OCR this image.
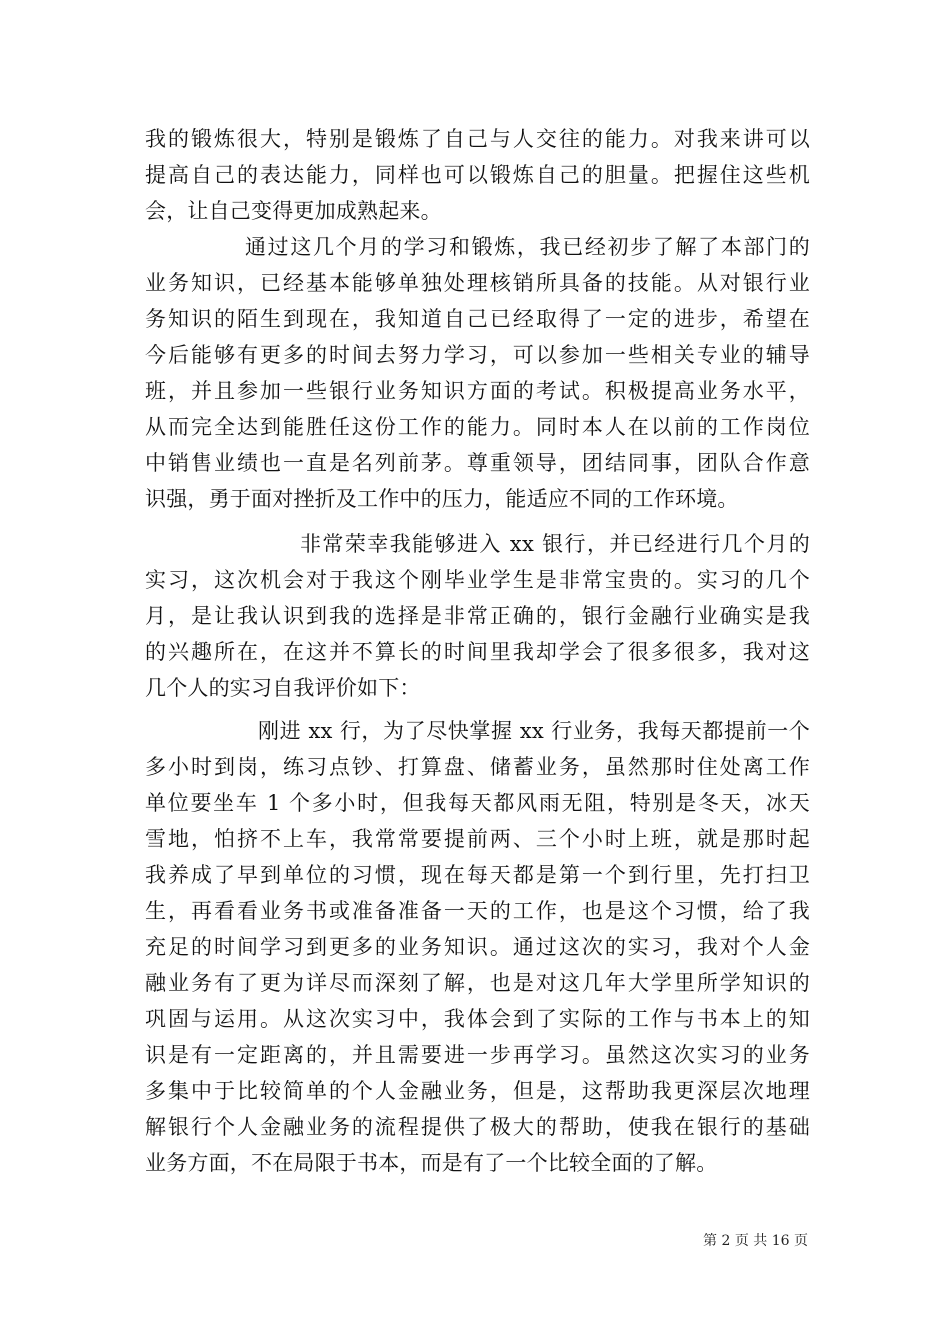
我的锻炼很大，特别是锻炼了自己与人交往的能力。对我来讲可以
提高自己的表达能力，同样也可以锻炼自己的胆量。把握住这些机
会，让自己变得更加成熟起来。
通过这几个月的学习和锻炼，我已经初步了解了本部门的
业务知识，已经基本能够单独处理核销所具备的技能。从对银行业
务知识的陌生到现在，我知道自己已经取得了一定的进步，希望在
今后能够有更多的时间去努力学习，可以参加一些相关专业的辅导
班，并且参加一些银行业务知识方面的考试。积极提高业务水平，
从而完全达到能胜任这份工作的能力。同时本人在以前的工作岗位
中销售业绩也一直是名列前茅。尊重领导，团结同事，团队合作意
识强，勇于面对挫折及工作中的压力，能适应不同的工作环境。
非常荣幸我能够进入 xx 银行，并已经进行几个月的
实习，这次机会对于我这个刚毕业学生是非常宝贵的。实习的几个
月，是让我认识到我的选择是非常正确的，银行金融行业确实是我
的兴趣所在，在这并不算长的时间里我却学会了很多很多，我对这
几个人的实习自我评价如下：
刚进 xx 行，为了尽快掌握 xx 行业务，我每天都提前一个
多小时到岗，练习点钞、打算盘、储蓄业务，虽然那时住处离工作
单位要坐车 1 个多小时，但我每天都风雨无阻，特别是冬天，冰天
雪地，怕挤不上车，我常常要提前两、三个小时上班，就是那时起
我养成了早到单位的习惯，现在每天都是第一个到行里，先打扫卫
生，再看看业务书或准备准备一天的工作，也是这个习惯，给了我
充足的时间学习到更多的业务知识。通过这次的实习，我对个人金
融业务有了更为详尽而深刻了解，也是对这几年大学里所学知识的
巩固与运用。从这次实习中，我体会到了实际的工作与书本上的知
识是有一定距离的，并且需要进一步再学习。虽然这次实习的业务
多集中于比较简单的个人金融业务，但是，这帮助我更深层次地理
解银行个人金融业务的流程提供了极大的帮助，使我在银行的基础
业务方面，不在局限于书本，而是有了一个比较全面的了解。
第 2 页 共 16 页
